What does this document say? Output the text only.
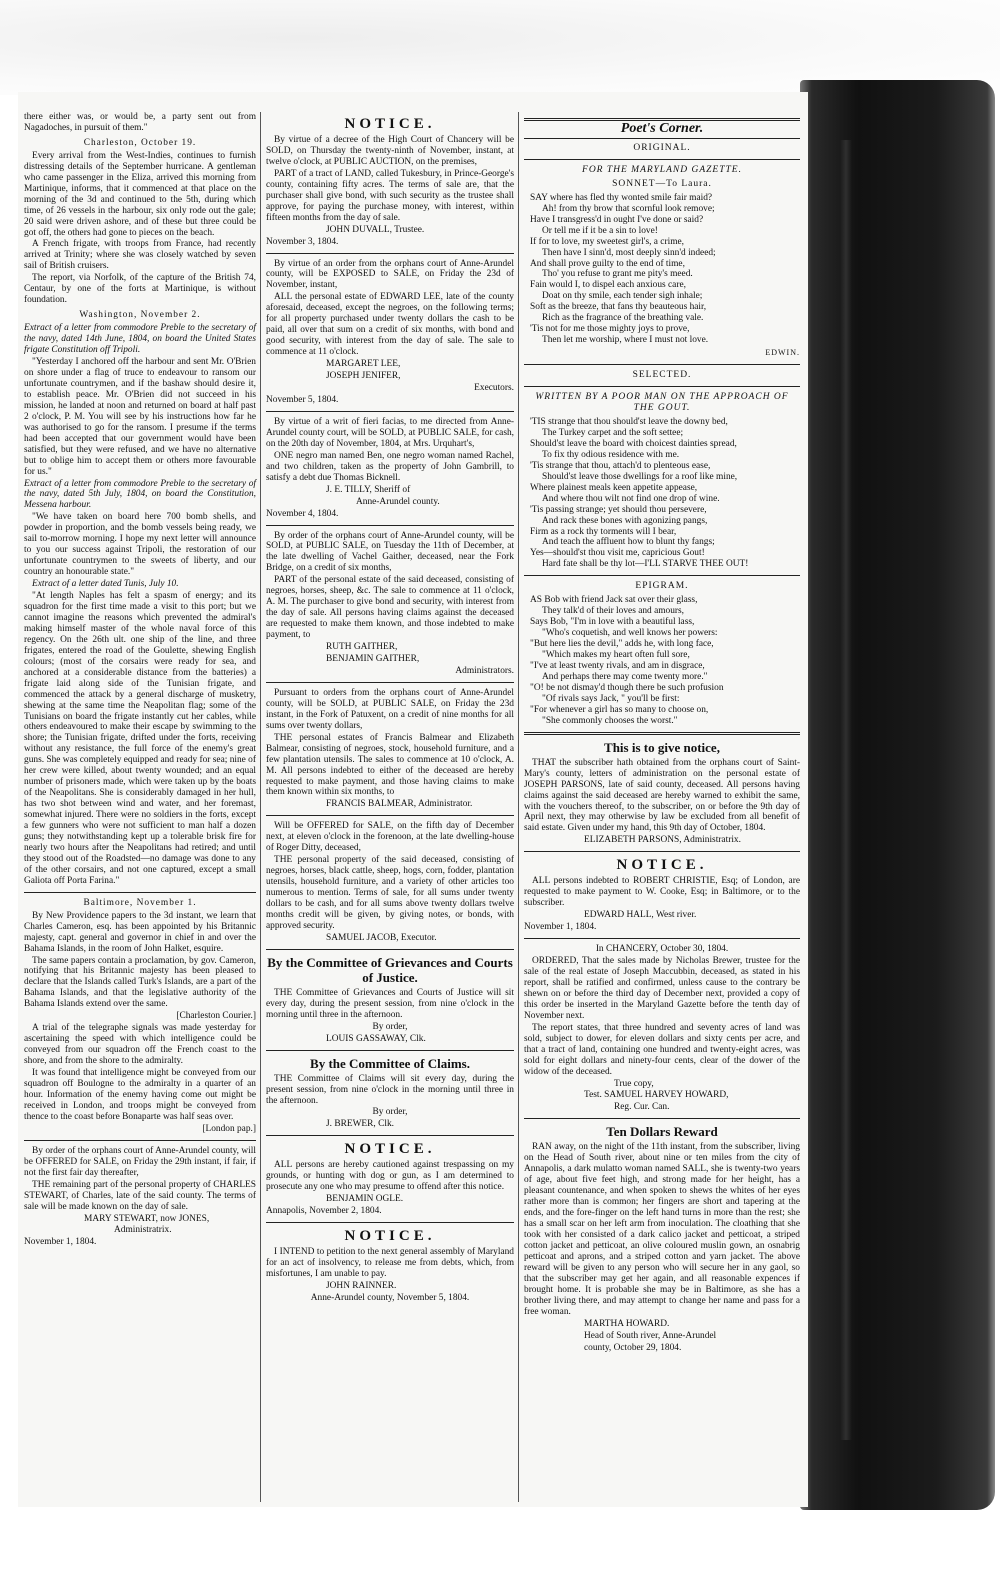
there either was, or would be, a party sent out from Nagadoches, in pursuit of them."

Charleston, October 19.

Every arrival from the West-Indies, continues to furnish distressing details of the September hurricane. A gentleman who came passenger in the Eliza, arrived this morning from Martinique, informs, that it commenced at that place on the morning of the 3d and continued to the 5th, during which time, of 26 vessels in the harbour, six only rode out the gale; 20 said were driven ashore, and of these but three could be got off, the others had gone to pieces on the beach.

A French frigate, with troops from France, had recently arrived at Trinity; where she was closely watched by seven sail of British cruisers.

The report, via Norfolk, of the capture of the British 74, Centaur, by one of the forts at Martinique, is without foundation.

Washington, November 2.

Extract of a letter from commodore Preble to the secretary of the navy, dated 14th June, 1804, on board the United States frigate Constitution off Tripoli.

"Yesterday I anchored off the harbour and sent Mr. O'Brien on shore under a flag of truce to endeavour to ransom our unfortunate countrymen, and if the bashaw should desire it, to establish peace. Mr. O'Brien did not succeed in his mission, he landed at noon and returned on board at half past 2 o'clock, P. M. You will see by his instructions how far he was authorised to go for the ransom. I presume if the terms had been accepted that our government would have been satisfied, but they were refused, and we have no alternative but to oblige him to accept them or others more favourable for us."

Extract of a letter from commodore Preble to the secretary of the navy, dated 5th July, 1804, on board the Constitution, Messena harbour.

"We have taken on board here 700 bomb shells, and powder in proportion, and the bomb vessels being ready, we sail to-morrow morning. I hope my next letter will announce to you our success against Tripoli, the restoration of our unfortunate countrymen to the sweets of liberty, and our country an honourable state."

Extract of a letter dated Tunis, July 10.

"At length Naples has felt a spasm of energy; and its squadron for the first time made a visit to this port; but we cannot imagine the reasons which prevented the admiral's making himself master of the whole naval force of this regency. On the 26th ult. one ship of the line, and three frigates, entered the road of the Goulette, shewing English colours; (most of the corsairs were ready for sea, and anchored at a considerable distance from the batteries) a frigate laid along side of the Tunisian frigate, and commenced the attack by a general discharge of musketry, shewing at the same time the Neapolitan flag; some of the Tunisians on board the frigate instantly cut her cables, while others endeavoured to make their escape by swimming to the shore; the Tunisian frigate, drifted under the forts, receiving without any resistance, the full force of the enemy's great guns. She was completely equipped and ready for sea; nine of her crew were killed, about twenty wounded; and an equal number of prisoners made, which were taken up by the boats of the Neapolitans. She is considerably damaged in her hull, has two shot between wind and water, and her foremast, somewhat injured. There were no soldiers in the forts, except a few gunners who were not sufficient to man half a dozen guns; they notwithstanding kept up a tolerable brisk fire for nearly two hours after the Neapolitans had retired; and until they stood out of the Roadsted—no damage was done to any of the other corsairs, and not one captured, except a small Galiota off Porta Farina."

Baltimore, November 1.

By New Providence papers to the 3d instant, we learn that Charles Cameron, esq. has been appointed by his Britannic majesty, capt. general and governor in chief in and over the Bahama Islands, in the room of John Halket, esquire.

The same papers contain a proclamation, by gov. Cameron, notifying that his Britannic majesty has been pleased to declare that the Islands called Turk's Islands, are a part of the Bahama Islands, and that the legislative authority of the Bahama Islands extend over the same.

[Charleston Courier.]

A trial of the telegraphe signals was made yesterday for ascertaining the speed with which intelligence could be conveyed from our squadron off the French coast to the shore, and from the shore to the admiralty.

It was found that intelligence might be conveyed from our squadron off Boulogne to the admiralty in a quarter of an hour. Information of the enemy having come out might be received in London, and troops might be conveyed from thence to the coast before Bonaparte was half seas over.

[London pap.]

By order of the orphans court of Anne-Arundel county, will be OFFERED for SALE, on Friday the 29th instant, if fair, if not the first fair day thereafter,

THE remaining part of the personal property of CHARLES STEWART, of Charles, late of the said county. The terms of sale will be made known on the day of sale.

MARY STEWART, now JONES,

Administratrix.

November 1, 1804.

NOTICE.

By virtue of a decree of the High Court of Chancery will be SOLD, on Thursday the twenty-ninth of November, instant, at twelve o'clock, at PUBLIC AUCTION, on the premises,

PART of a tract of LAND, called Tukesbury, in Prince-George's county, containing fifty acres. The terms of sale are, that the purchaser shall give bond, with such security as the trustee shall approve, for paying the purchase money, with interest, within fifteen months from the day of sale.

JOHN DUVALL, Trustee.

November 3, 1804.

By virtue of an order from the orphans court of Anne-Arundel county, will be EXPOSED to SALE, on Friday the 23d of November, instant,

ALL the personal estate of EDWARD LEE, late of the county aforesaid, deceased, except the negroes, on the following terms; for all property purchased under twenty dollars the cash to be paid, all over that sum on a credit of six months, with bond and good security, with interest from the day of sale. The sale to commence at 11 o'clock.

MARGARET LEE,

JOSEPH JENIFER,

Executors.

November 5, 1804.

By virtue of a writ of fieri facias, to me directed from Anne-Arundel county court, will be SOLD, at PUBLIC SALE, for cash, on the 20th day of November, 1804, at Mrs. Urquhart's,

ONE negro man named Ben, one negro woman named Rachel, and two children, taken as the property of John Gambrill, to satisfy a debt due Thomas Bicknell.

J. E. TILLY, Sheriff of

Anne-Arundel county.

November 4, 1804.

By order of the orphans court of Anne-Arundel county, will be SOLD, at PUBLIC SALE, on Tuesday the 11th of December, at the late dwelling of Vachel Gaither, deceased, near the Fork Bridge, on a credit of six months,

PART of the personal estate of the said deceased, consisting of negroes, horses, sheep, &c. The sale to commence at 11 o'clock, A. M. The purchaser to give bond and security, with interest from the day of sale. All persons having claims against the deceased are requested to make them known, and those indebted to make payment, to

RUTH GAITHER,

BENJAMIN GAITHER,

Administrators.

Pursuant to orders from the orphans court of Anne-Arundel county, will be SOLD, at PUBLIC SALE, on Friday the 23d instant, in the Fork of Patuxent, on a credit of nine months for all sums over twenty dollars,

THE personal estates of Francis Balmear and Elizabeth Balmear, consisting of negroes, stock, household furniture, and a few plantation utensils. The sales to commence at 10 o'clock, A. M. All persons indebted to either of the deceased are hereby requested to make payment, and those having claims to make them known within six months, to

FRANCIS BALMEAR, Administrator.

Will be OFFERED for SALE, on the fifth day of December next, at eleven o'clock in the forenoon, at the late dwelling-house of Roger Ditty, deceased,

THE personal property of the said deceased, consisting of negroes, horses, black cattle, sheep, hogs, corn, fodder, plantation utensils, household furniture, and a variety of other articles too numerous to mention. Terms of sale, for all sums under twenty dollars to be cash, and for all sums above twenty dollars twelve months credit will be given, by giving notes, or bonds, with approved security.

SAMUEL JACOB, Executor.

By the Committee of Grievances and Courts of Justice.

THE Committee of Grievances and Courts of Justice will sit every day, during the present session, from nine o'clock in the morning until three in the afternoon.

By order,

LOUIS GASSAWAY, Clk.

By the Committee of Claims.

THE Committee of Claims will sit every day, during the present session, from nine o'clock in the morning until three in the afternoon.

By order,

J. BREWER, Clk.

NOTICE.

ALL persons are hereby cautioned against trespassing on my grounds, or hunting with dog or gun, as I am determined to prosecute any one who may presume to offend after this notice.

BENJAMIN OGLE.

Annapolis, November 2, 1804.

NOTICE.

I INTEND to petition to the next general assembly of Maryland for an act of insolvency, to release me from debts, which, from misfortunes, I am unable to pay.

JOHN RAINNER.

Anne-Arundel county, November 5, 1804.

Poet's Corner.
ORIGINAL.
FOR THE MARYLAND GAZETTE.
SONNET—To Laura.
SAY where has fled thy wonted smile fair maid?
Ah! from thy brow that scornful look remove;
Have I transgress'd in ought I've done or said?
Or tell me if it be a sin to love!
If for to love, my sweetest girl's, a crime,
Then have I sinn'd, most deeply sinn'd indeed;
And shall prove guilty to the end of time,
Tho' you refuse to grant me pity's meed.
Fain would I, to dispel each anxious care,
Doat on thy smile, each tender sigh inhale;
Soft as the breeze, that fans thy beauteous hair,
Rich as the fragrance of the breathing vale.
'Tis not for me those mighty joys to prove,
Then let me worship, where I must not love.
EDWIN.
SELECTED.
WRITTEN BY A POOR MAN ON THE APPROACH OF THE GOUT.
'TIS strange that thou should'st leave the downy bed,
The Turkey carpet and the soft settee;
Should'st leave the board with choicest dainties spread,
To fix thy odious residence with me.
'Tis strange that thou, attach'd to plenteous ease,
Should'st leave those dwellings for a roof like mine,
Where plainest meals keen appetite appease,
And where thou wilt not find one drop of wine.
'Tis passing strange; yet should thou persevere,
And rack these bones with agonizing pangs,
Firm as a rock thy torments will I bear,
And teach the affluent how to blunt thy fangs;
Yes—should'st thou visit me, capricious Gout!
Hard fate shall be thy lot—I'LL STARVE THEE OUT!
EPIGRAM.
AS Bob with friend Jack sat over their glass,
They talk'd of their loves and amours,
Says Bob, "I'm in love with a beautiful lass,
"Who's coquetish, and well knows her powers:
"But here lies the devil," adds he, with long face,
"Which makes my heart often full sore,
"I've at least twenty rivals, and am in disgrace,
And perhaps there may come twenty more."
"O! be not dismay'd though there be such profusion
"Of rivals says Jack, " you'll be first:
"For whenever a girl has so many to choose on,
"She commonly chooses the worst."
This is to give notice,

THAT the subscriber hath obtained from the orphans court of Saint-Mary's county, letters of administration on the personal estate of JOSEPH PARSONS, late of said county, deceased. All persons having claims against the said deceased are hereby warned to exhibit the same, with the vouchers thereof, to the subscriber, on or before the 9th day of April next, they may otherwise by law be excluded from all benefit of said estate. Given under my hand, this 9th day of October, 1804.

ELIZABETH PARSONS, Administratrix.

NOTICE.

ALL persons indebted to ROBERT CHRISTIE, Esq; of London, are requested to make payment to W. Cooke, Esq; in Baltimore, or to the subscriber.

EDWARD HALL, West river.

November 1, 1804.

In CHANCERY, October 30, 1804.

ORDERED, That the sales made by Nicholas Brewer, trustee for the sale of the real estate of Joseph Maccubbin, deceased, as stated in his report, shall be ratified and confirmed, unless cause to the contrary be shewn on or before the third day of December next, provided a copy of this order be inserted in the Maryland Gazette before the tenth day of November next.

The report states, that three hundred and seventy acres of land was sold, subject to dower, for eleven dollars and sixty cents per acre, and that a tract of land, containing one hundred and twenty-eight acres, was sold for eight dollars and ninety-four cents, clear of the dower of the widow of the deceased.

True copy,

Test. SAMUEL HARVEY HOWARD,

Reg. Cur. Can.

Ten Dollars Reward

RAN away, on the night of the 11th instant, from the subscriber, living on the Head of South river, about nine or ten miles from the city of Annapolis, a dark mulatto woman named SALL, she is twenty-two years of age, about five feet high, and strong made for her height, has a pleasant countenance, and when spoken to shews the whites of her eyes rather more than is common; her fingers are short and tapering at the ends, and the fore-finger on the left hand turns in more than the rest; she has a small scar on her left arm from inoculation. The cloathing that she took with her consisted of a dark calico jacket and petticoat, a striped cotton jacket and petticoat, an olive coloured muslin gown, an osnabrig petticoat and aprons, and a striped cotton and yarn jacket. The above reward will be given to any person who will secure her in any gaol, so that the subscriber may get her again, and all reasonable expences if brought home. It is probable she may be in Baltimore, as she has a brother living there, and may attempt to change her name and pass for a free woman.

MARTHA HOWARD.

Head of South river, Anne-Arundel

county, October 29, 1804.
